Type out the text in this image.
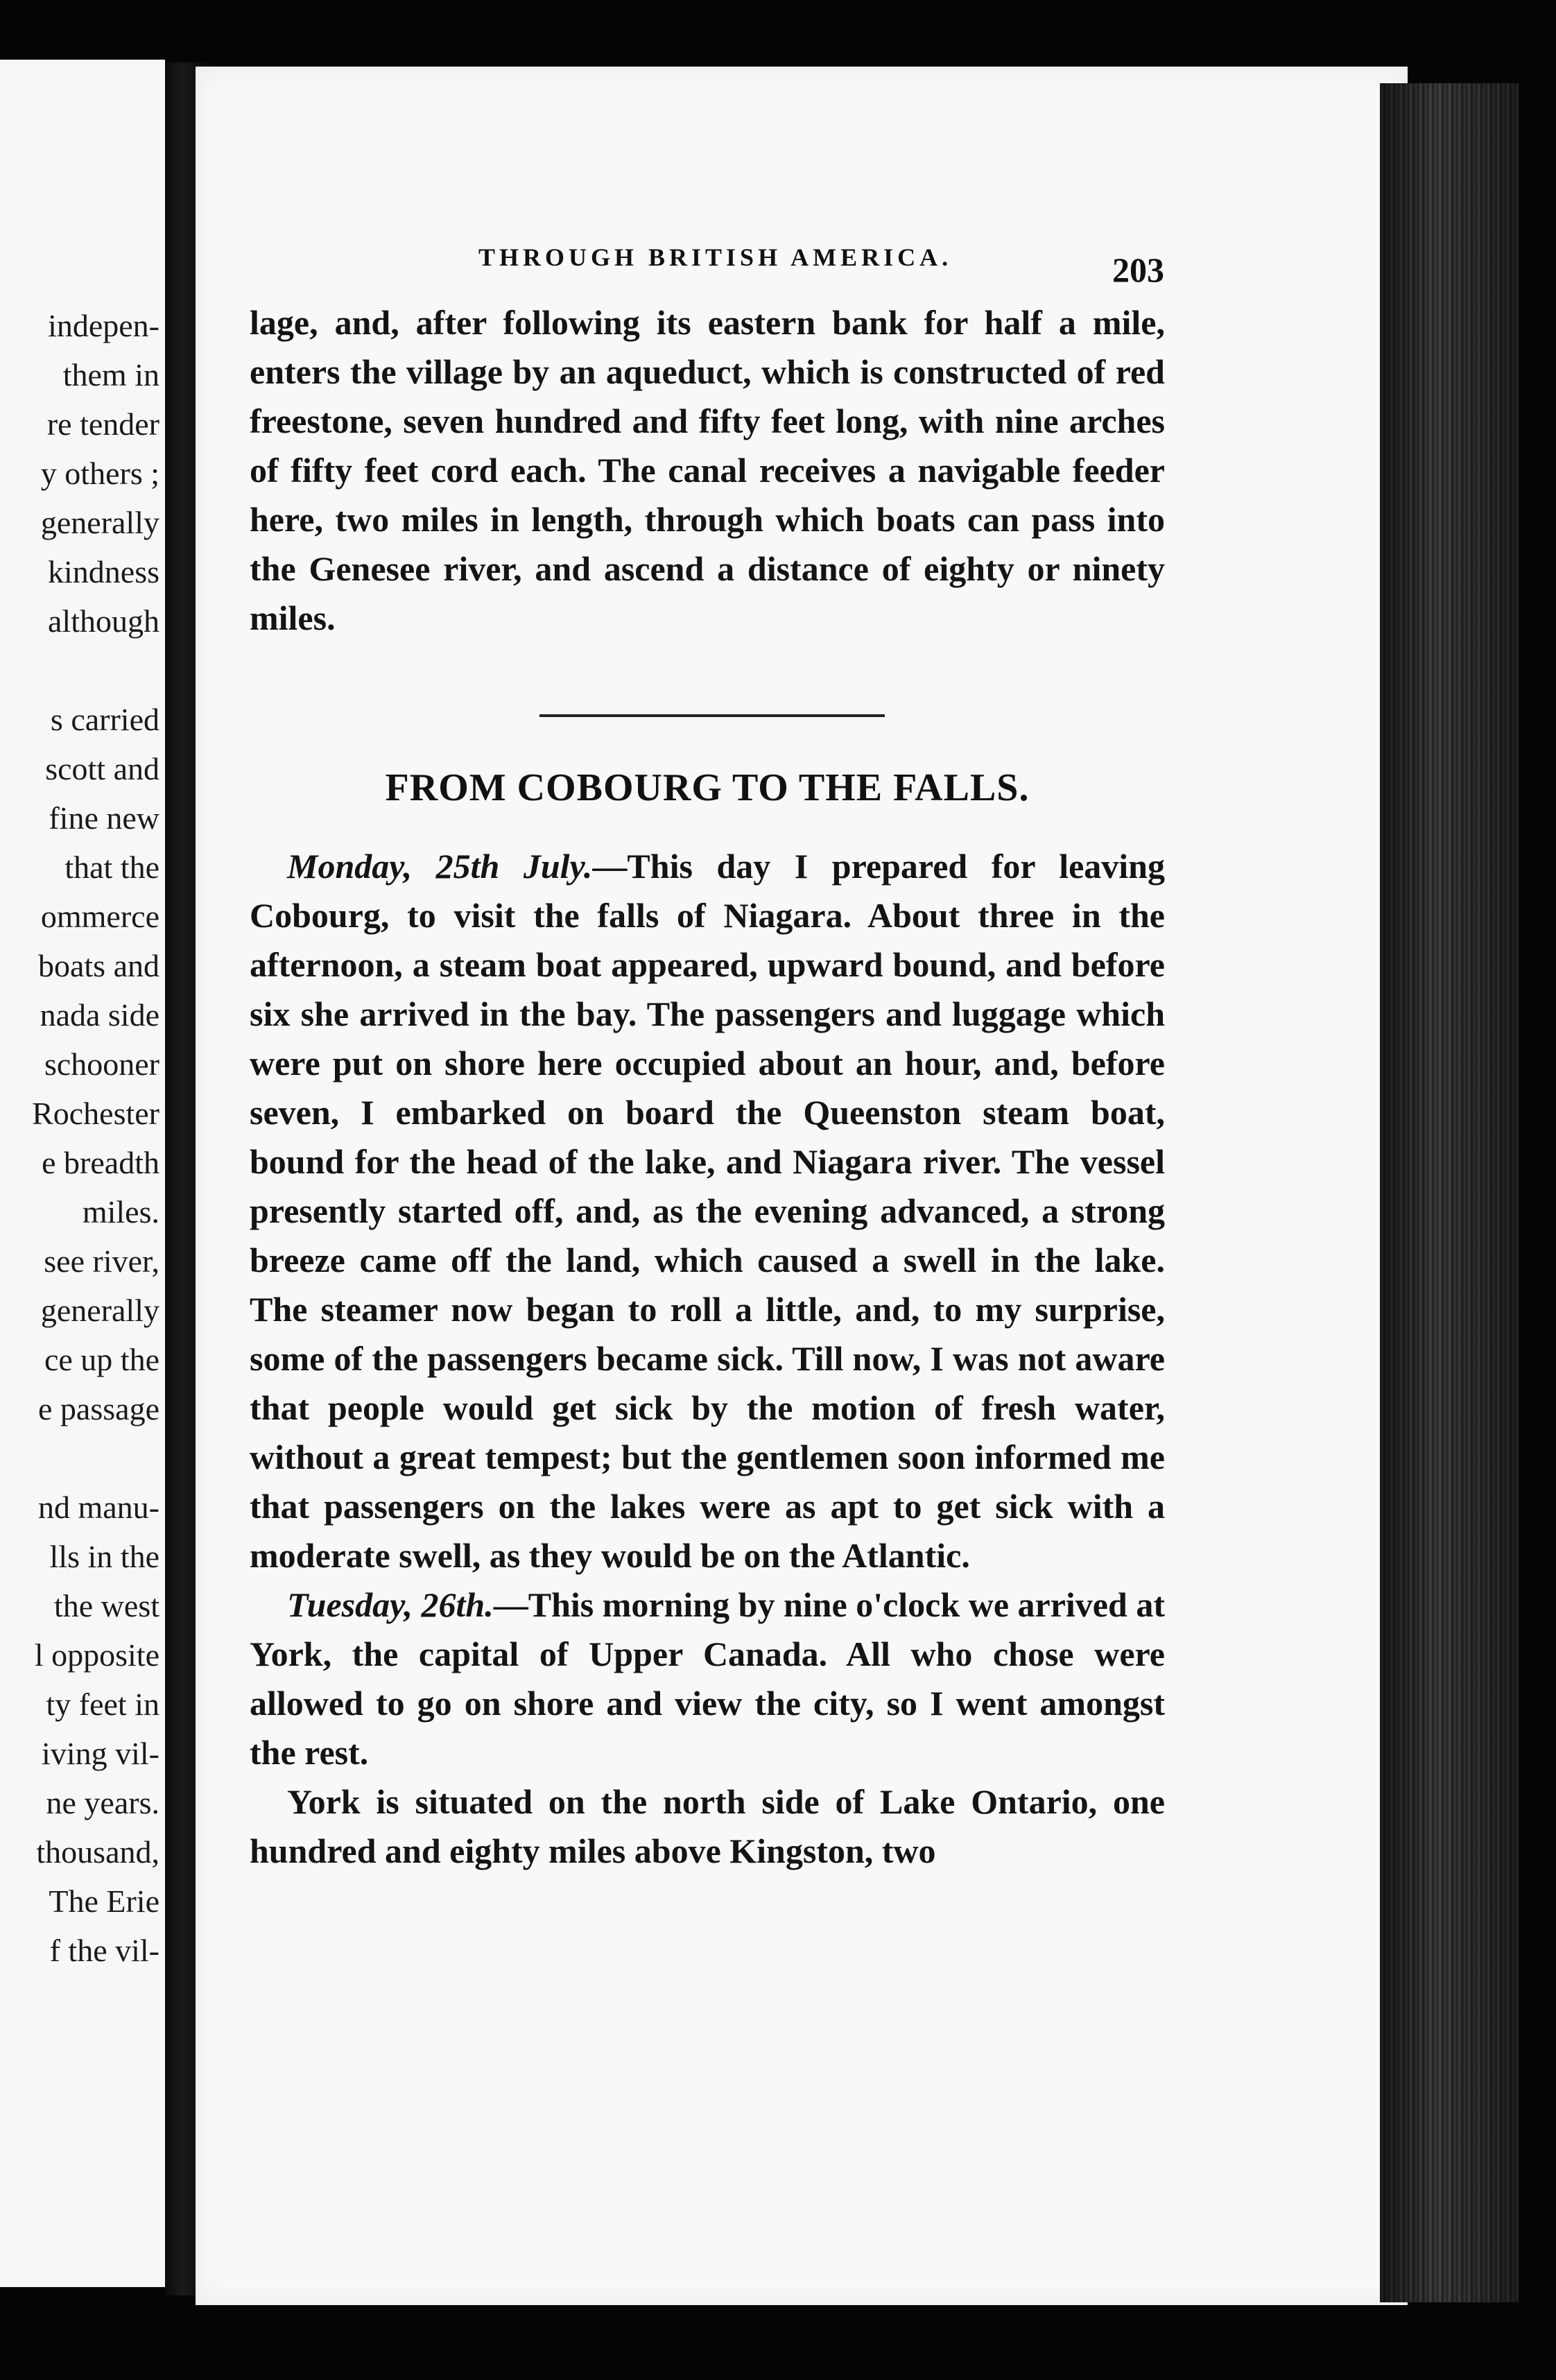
indepen-
them in
re tender
y others ;
generally
kindness
although
s carried
scott and
fine new
that the
ommerce
boats and
nada side
schooner
Rochester
e breadth
miles.
see river,
generally
ce up the
e passage
nd manu-
lls in the
the west
l opposite
ty feet in
iving vil-
ne years.
thousand,
The Erie
f the vil-
THROUGH BRITISH AMERICA.	203

lage, and, after following its eastern bank for half a mile, enters the village by an aqueduct, which is constructed of red freestone, seven hundred and fifty feet long, with nine arches of fifty feet cord each. The canal receives a navigable feeder here, two miles in length, through which boats can pass into the Genesee river, and ascend a distance of eighty or ninety miles.

FROM COBOURG TO THE FALLS.

Monday, 25th July.—This day I prepared for leaving Cobourg, to visit the falls of Niagara. About three in the afternoon, a steam boat appeared, upward bound, and before six she arrived in the bay. The passengers and luggage which were put on shore here occupied about an hour, and, before seven, I embarked on board the Queenston steam boat, bound for the head of the lake, and Niagara river. The vessel presently started off, and, as the evening advanced, a strong breeze came off the land, which caused a swell in the lake. The steamer now began to roll a little, and, to my surprise, some of the passengers became sick. Till now, I was not aware that people would get sick by the motion of fresh water, without a great tempest; but the gentlemen soon informed me that passengers on the lakes were as apt to get sick with a moderate swell, as they would be on the Atlantic.

Tuesday, 26th.—This morning by nine o'clock we arrived at York, the capital of Upper Canada. All who chose were allowed to go on shore and view the city, so I went amongst the rest.

York is situated on the north side of Lake Ontario, one hundred and eighty miles above Kingston, two
